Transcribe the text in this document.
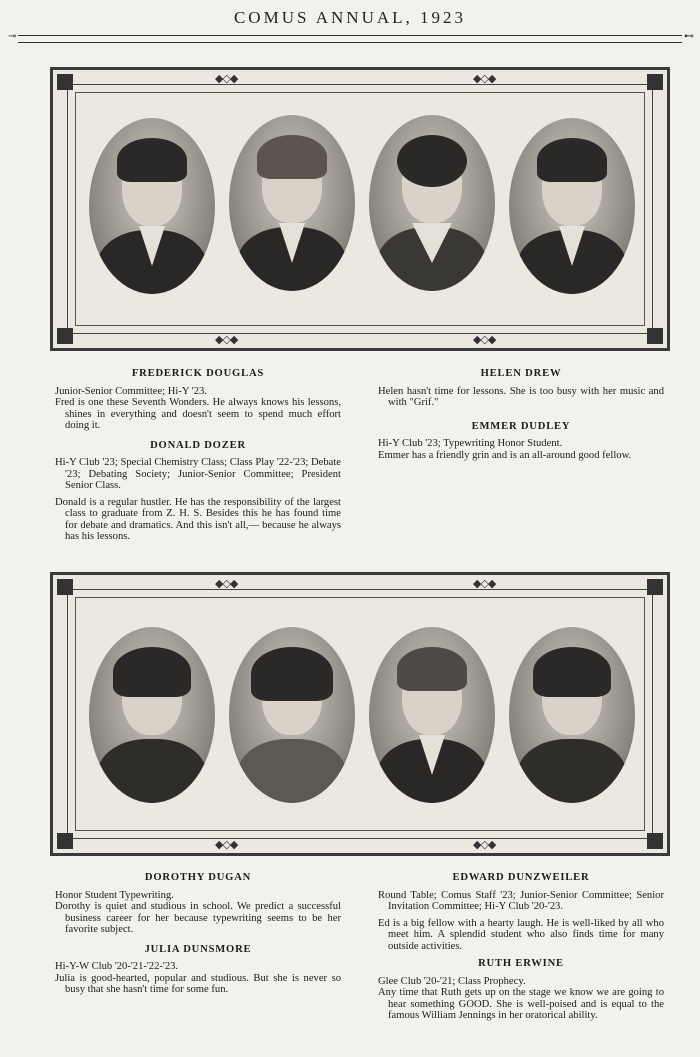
COMUS ANNUAL, 1923
⊸	⊷
◆◇◆	◆◇◆
◆◇◆	◆◇◆
FREDERICK DOUGLAS

Junior-Senior Committee; Hi-Y '23.

Fred is one these Seventh Wonders. He always knows his lessons, shines in everything and doesn't seem to spend much effort doing it.

DONALD DOZER

Hi-Y Club '23; Special Chemistry Class; Class Play '22-'23; Debate '23; Debating Society; Junior-Senior Committee; President Senior Class.

Donald is a regular hustler. He has the responsibility of the largest class to graduate from Z. H. S. Besides this he has found time for debate and dramatics. And this isn't all,— because he always has his lessons.

HELEN DREW

Helen hasn't time for lessons. She is too busy with her music and with "Grif."

EMMER DUDLEY

Hi-Y Club '23; Typewriting Honor Student.

Emmer has a friendly grin and is an all-around good fellow.

◆◇◆	◆◇◆
◆◇◆	◆◇◆
DOROTHY DUGAN

Honor Student Typewriting.

Dorothy is quiet and studious in school. We predict a successful business career for her because typewriting seems to be her favorite subject.

JULIA DUNSMORE

Hi-Y-W Club '20-'21-'22-'23.

Julia is good-hearted, popular and studious. But she is never so busy that she hasn't time for some fun.

EDWARD DUNZWEILER

Round Table; Comus Staff '23; Junior-Senior Committee; Senior Invitation Committee; Hi-Y Club '20-'23.

Ed is a big fellow with a hearty laugh. He is well-liked by all who meet him. A splendid student who also finds time for many outside activities.

RUTH ERWINE

Glee Club '20-'21; Class Prophecy.

Any time that Ruth gets up on the stage we know we are going to hear something GOOD. She is well-poised and is equal to the famous William Jennings in her oratorical ability.
